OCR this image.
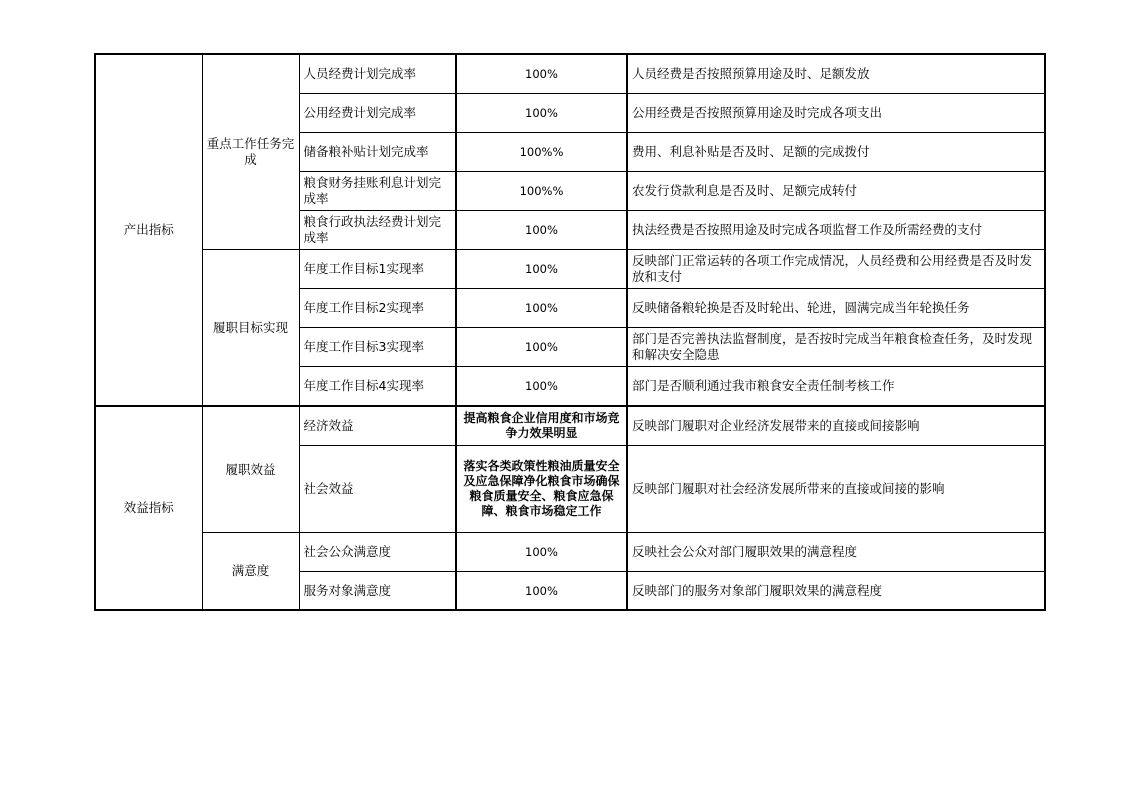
产出指标	重点工作任务完成	人员经费计划完成率	100%	人员经费是否按照预算用途及时、足额发放
		公用经费计划完成率	100%	公用经费是否按照预算用途及时完成各项支出
		储备粮补贴计划完成率	100%%	费用、利息补贴是否及时、足额的完成拨付
		粮食财务挂账利息计划完成率	100%%	农发行贷款利息是否及时、足额完成转付
		粮食行政执法经费计划完成率	100%	执法经费是否按照用途及时完成各项监督工作及所需经费的支付
	履职目标实现	年度工作目标1实现率	100%	反映部门正常运转的各项工作完成情况，人员经费和公用经费是否及时发放和支付
		年度工作目标2实现率	100%	反映储备粮轮换是否及时轮出、轮进，圆满完成当年轮换任务
		年度工作目标3实现率	100%	部门是否完善执法监督制度，是否按时完成当年粮食检查任务，及时发现和解决安全隐患
		年度工作目标4实现率	100%	部门是否顺利通过我市粮食安全责任制考核工作
效益指标	履职效益	经济效益	提高粮食企业信用度和市场竞争力效果明显	反映部门履职对企业经济发展带来的直接或间接影响
		社会效益	落实各类政策性粮油质量安全及应急保障净化粮食市场确保粮食质量安全、粮食应急保障、粮食市场稳定工作	反映部门履职对社会经济发展所带来的直接或间接的影响
	满意度	社会公众满意度	100%	反映社会公众对部门履职效果的满意程度
		服务对象满意度	100%	反映部门的服务对象部门履职效果的满意程度
